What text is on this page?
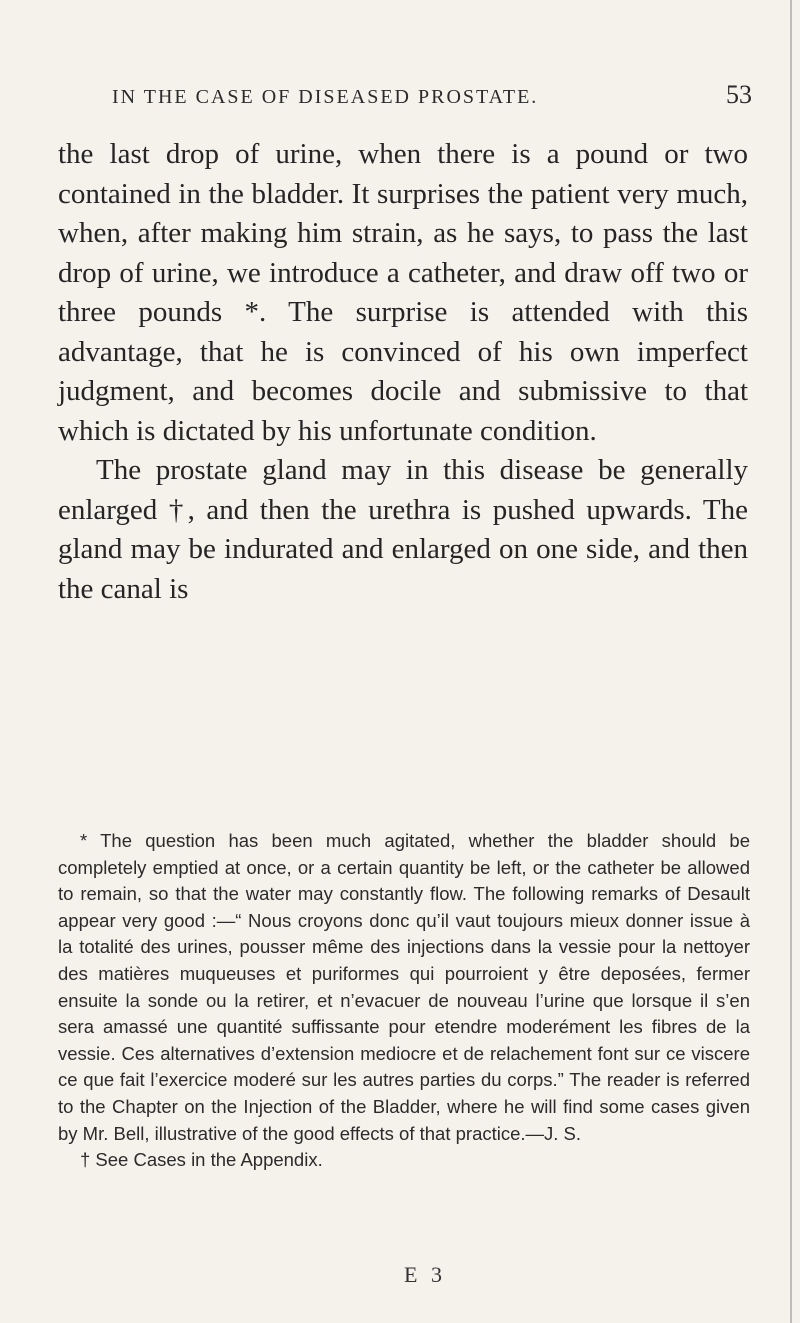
IN THE CASE OF DISEASED PROSTATE.	53

the last drop of urine, when there is a pound or two contained in the bladder. It surprises the patient very much, when, after making him strain, as he says, to pass the last drop of urine, we introduce a catheter, and draw off two or three pounds *. The surprise is attended with this advantage, that he is convinced of his own imperfect judgment, and becomes docile and submissive to that which is dictated by his unfortunate condition.

The prostate gland may in this disease be generally enlarged †, and then the urethra is pushed upwards. The gland may be indurated and enlarged on one side, and then the canal is

* The question has been much agitated, whether the bladder should be completely emptied at once, or a certain quantity be left, or the catheter be allowed to remain, so that the water may constantly flow. The following remarks of Desault appear very good :—“ Nous croyons donc qu’il vaut toujours mieux donner issue à la totalité des urines, pousser même des injections dans la vessie pour la nettoyer des matières muqueuses et puriformes qui pourroient y être deposées, fermer ensuite la sonde ou la retirer, et n’evacuer de nouveau l’urine que lorsque il s’en sera amassé une quantité suffissante pour etendre moderément les fibres de la vessie. Ces alternatives d’extension mediocre et de relachement font sur ce viscere ce que fait l’exercice moderé sur les autres parties du corps.” The reader is referred to the Chapter on the Injection of the Bladder, where he will find some cases given by Mr. Bell, illustrative of the good effects of that practice.—J. S.

† See Cases in the Appendix.

E 3
